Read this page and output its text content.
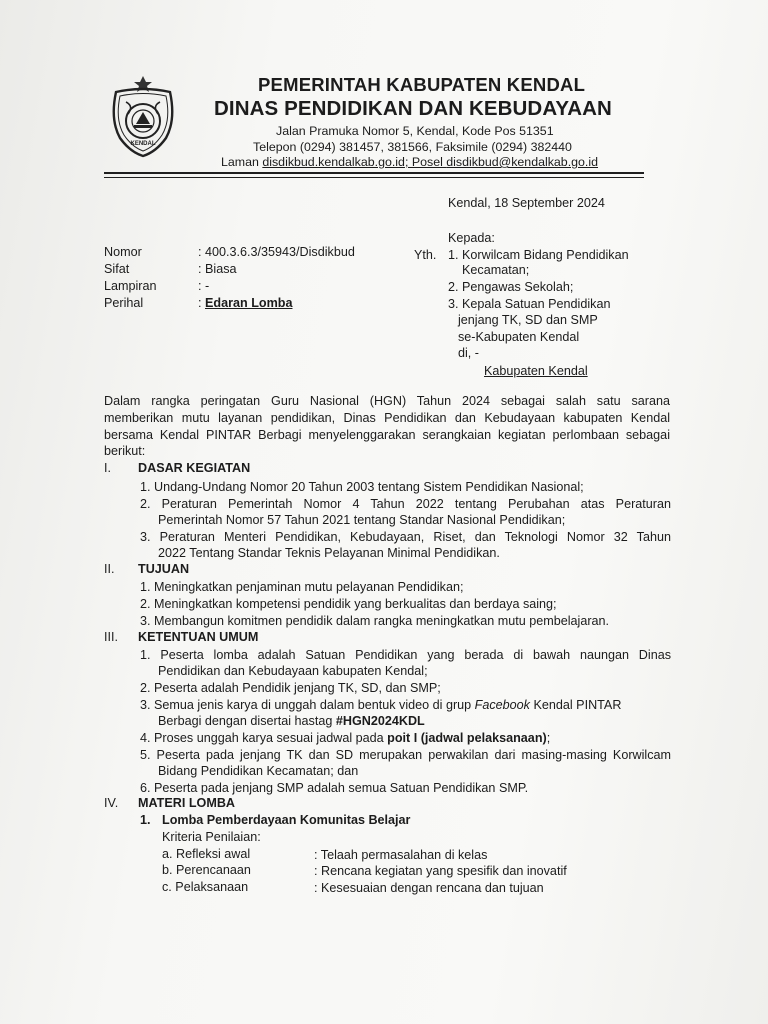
KENDAL
PEMERINTAH KABUPATEN KENDAL
DINAS PENDIDIKAN DAN KEBUDAYAAN
Jalan Pramuka Nomor 5, Kendal, Kode Pos 51351
Telepon (0294) 381457, 381566, Faksimile (0294) 382440
Laman disdikbud.kendalkab.go.id; Posel disdikbud@kendalkab.go.id
Kendal, 18 September 2024
Nomor	: 400.3.6.3/35943/Disdikbud
Sifat	: Biasa
Lampiran	: -
Perihal	: Edaran Lomba
Kepada:
Yth. 1. Korwilcam Bidang Pendidikan
Kecamatan;
2. Pengawas Sekolah;
3. Kepala Satuan Pendidikan
jenjang TK, SD dan SMP
se-Kabupaten Kendal
di, -
Kabupaten Kendal
Dalam rangka peringatan Guru Nasional (HGN) Tahun 2024 sebagai salah satu sarana
memberikan mutu layanan pendidikan, Dinas Pendidikan dan Kebudayaan kabupaten Kendal
bersama Kendal PINTAR Berbagi menyelenggarakan serangkaian kegiatan perlombaan sebagai
berikut:
I. DASAR KEGIATAN
1. Undang-Undang Nomor 20 Tahun 2003 tentang Sistem Pendidikan Nasional;
2. Peraturan Pemerintah Nomor 4 Tahun 2022 tentang Perubahan atas Peraturan
Pemerintah Nomor 57 Tahun 2021 tentang Standar Nasional Pendidikan;
3. Peraturan Menteri Pendidikan, Kebudayaan, Riset, dan Teknologi Nomor 32 Tahun
2022 Tentang Standar Teknis Pelayanan Minimal Pendidikan.
II. TUJUAN
1. Meningkatkan penjaminan mutu pelayanan Pendidikan;
2. Meningkatkan kompetensi pendidik yang berkualitas dan berdaya saing;
3. Membangun komitmen pendidik dalam rangka meningkatkan mutu pembelajaran.
III. KETENTUAN UMUM
1. Peserta lomba adalah Satuan Pendidikan yang berada di bawah naungan Dinas
Pendidikan dan Kebudayaan kabupaten Kendal;
2. Peserta adalah Pendidik jenjang TK, SD, dan SMP;
3. Semua jenis karya di unggah dalam bentuk video di grup Facebook Kendal PINTAR
Berbagi dengan disertai hastag #HGN2024KDL
4. Proses unggah karya sesuai jadwal pada poit I (jadwal pelaksanaan);
5. Peserta pada jenjang TK dan SD merupakan perwakilan dari masing-masing Korwilcam
Bidang Pendidikan Kecamatan; dan
6. Peserta pada jenjang SMP adalah semua Satuan Pendidikan SMP.
IV. MATERI LOMBA
1. Lomba Pemberdayaan Komunitas Belajar
Kriteria Penilaian:
a. Refleksi awal	: Telaah permasalahan di kelas
b. Perencanaan	: Rencana kegiatan yang spesifik dan inovatif
c. Pelaksanaan	: Kesesuaian dengan rencana dan tujuan
